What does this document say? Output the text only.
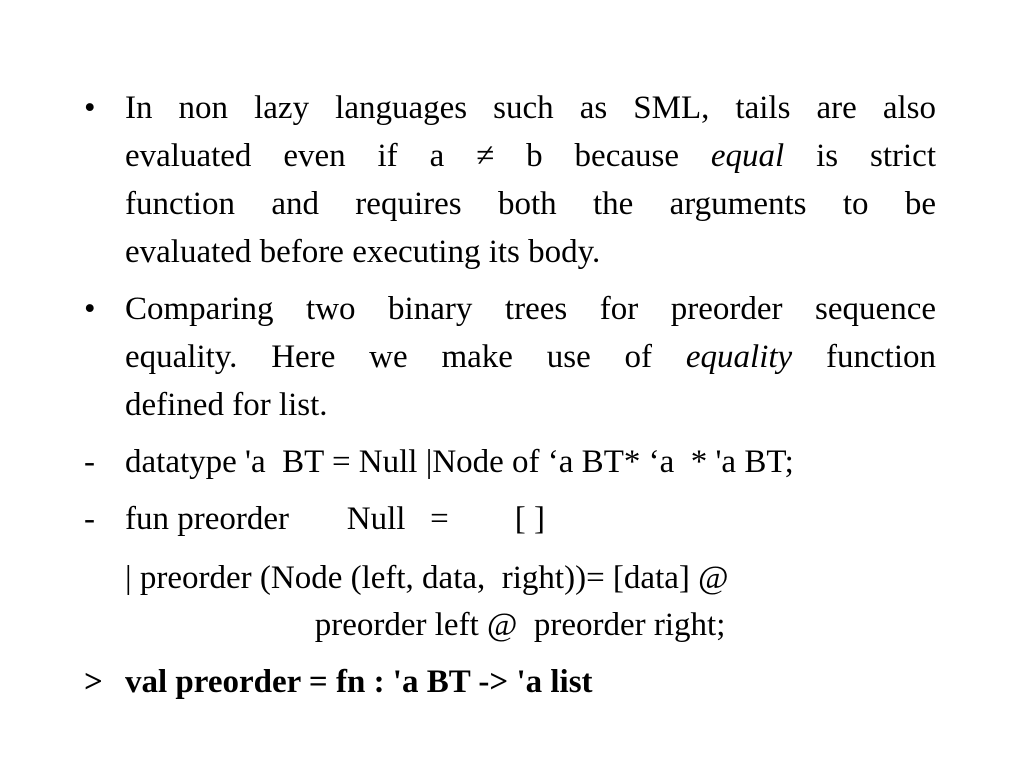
• In non lazy languages such as SML, tails are also
evaluated even if a ≠ b because equal is strict
function and requires both the arguments to be
evaluated before executing its body.
• Comparing two binary trees for preorder sequence
equality. Here we make use of equality function
defined for list.
- datatype 'a  BT = Null |Node of ‘a BT* ‘a  * 'a BT;
- fun preorder       Null   =        [ ]
| preorder (Node (left, data,  right))= [data] @
preorder left @  preorder right;
> val preorder = fn : 'a BT -> 'a list
